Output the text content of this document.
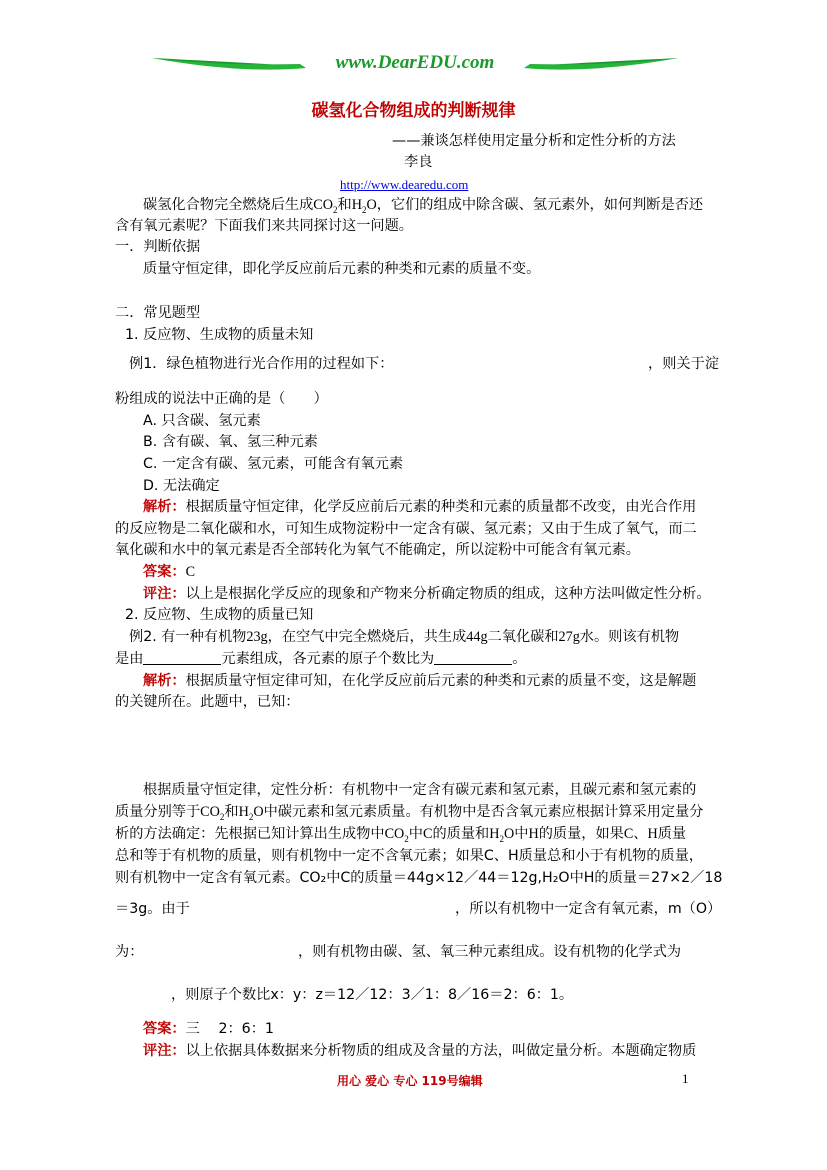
www.DearEDU.com
碳氢化合物组成的判断规律
——兼谈怎样使用定量分析和定性分析的方法
李良
http://www.dearedu.com
碳氢化合物完全燃烧后生成$CO_2$和$H_2O$，它们的组成中除含碳、氢元素外，如何判断是否还
含有氧元素呢？下面我们来共同探讨这一问题。
一．判断依据
质量守恒定律，即化学反应前后元素的种类和元素的质量不变。
二．常见题型
1. 反应物、生成物的质量未知
例1．绿色植物进行光合作用的过程如下：	，则关于淀
粉组成的说法中正确的是（　　）
A. 只含碳、氢元素
B. 含有碳、氧、氢三种元素
C. 一定含有碳、氢元素，可能含有氧元素
D. 无法确定
解析：根据质量守恒定律，化学反应前后元素的种类和元素的质量都不改变，由光合作用
的反应物是二氧化碳和水，可知生成物淀粉中一定含有碳、氢元素；又由于生成了氧气，而二
氧化碳和水中的氧元素是否全部转化为氧气不能确定，所以淀粉中可能含有氧元素。
答案：C
评注：以上是根据化学反应的现象和产物来分析确定物质的组成，这种方法叫做定性分析。
2. 反应物、生成物的质量已知
例2. 有一种有机物23g，在空气中完全燃烧后，共生成44g二氧化碳和27g水。则该有机物
是由	元素组成，各元素的原子个数比为	。
解析：根据质量守恒定律可知，在化学反应前后元素的种类和元素的质量不变，这是解题
的关键所在。此题中，已知：
根据质量守恒定律，定性分析：有机物中一定含有碳元素和氢元素，且碳元素和氢元素的
质量分别等于$CO_2$和$H_2O$中碳元素和氢元素质量。有机物中是否含氧元素应根据计算采用定量分
析的方法确定：先根据已知计算出生成物中$CO_2$中C的质量和$H_2O$中H的质量，如果C、H质量
总和等于有机物的质量，则有机物中一定不含氧元素；如果C、H质量总和小于有机物的质量，
则有机物中一定含有氧元素。CO₂中C的质量＝44g×12／44＝12g,H₂O中H的质量＝27×2／18
＝3g。由于	，所以有机物中一定含有氧元素，m（O）
为：	，则有机物由碳、氢、氧三种元素组成。设有机物的化学式为
，则原子个数比x：y：z＝12／12：3／1：8／16＝2：6：1。
答案：三　 2：6：1
评注：以上依据具体数据来分析物质的组成及含量的方法，叫做定量分析。本题确定物质
用心 爱心 专心 119号编辑	1
